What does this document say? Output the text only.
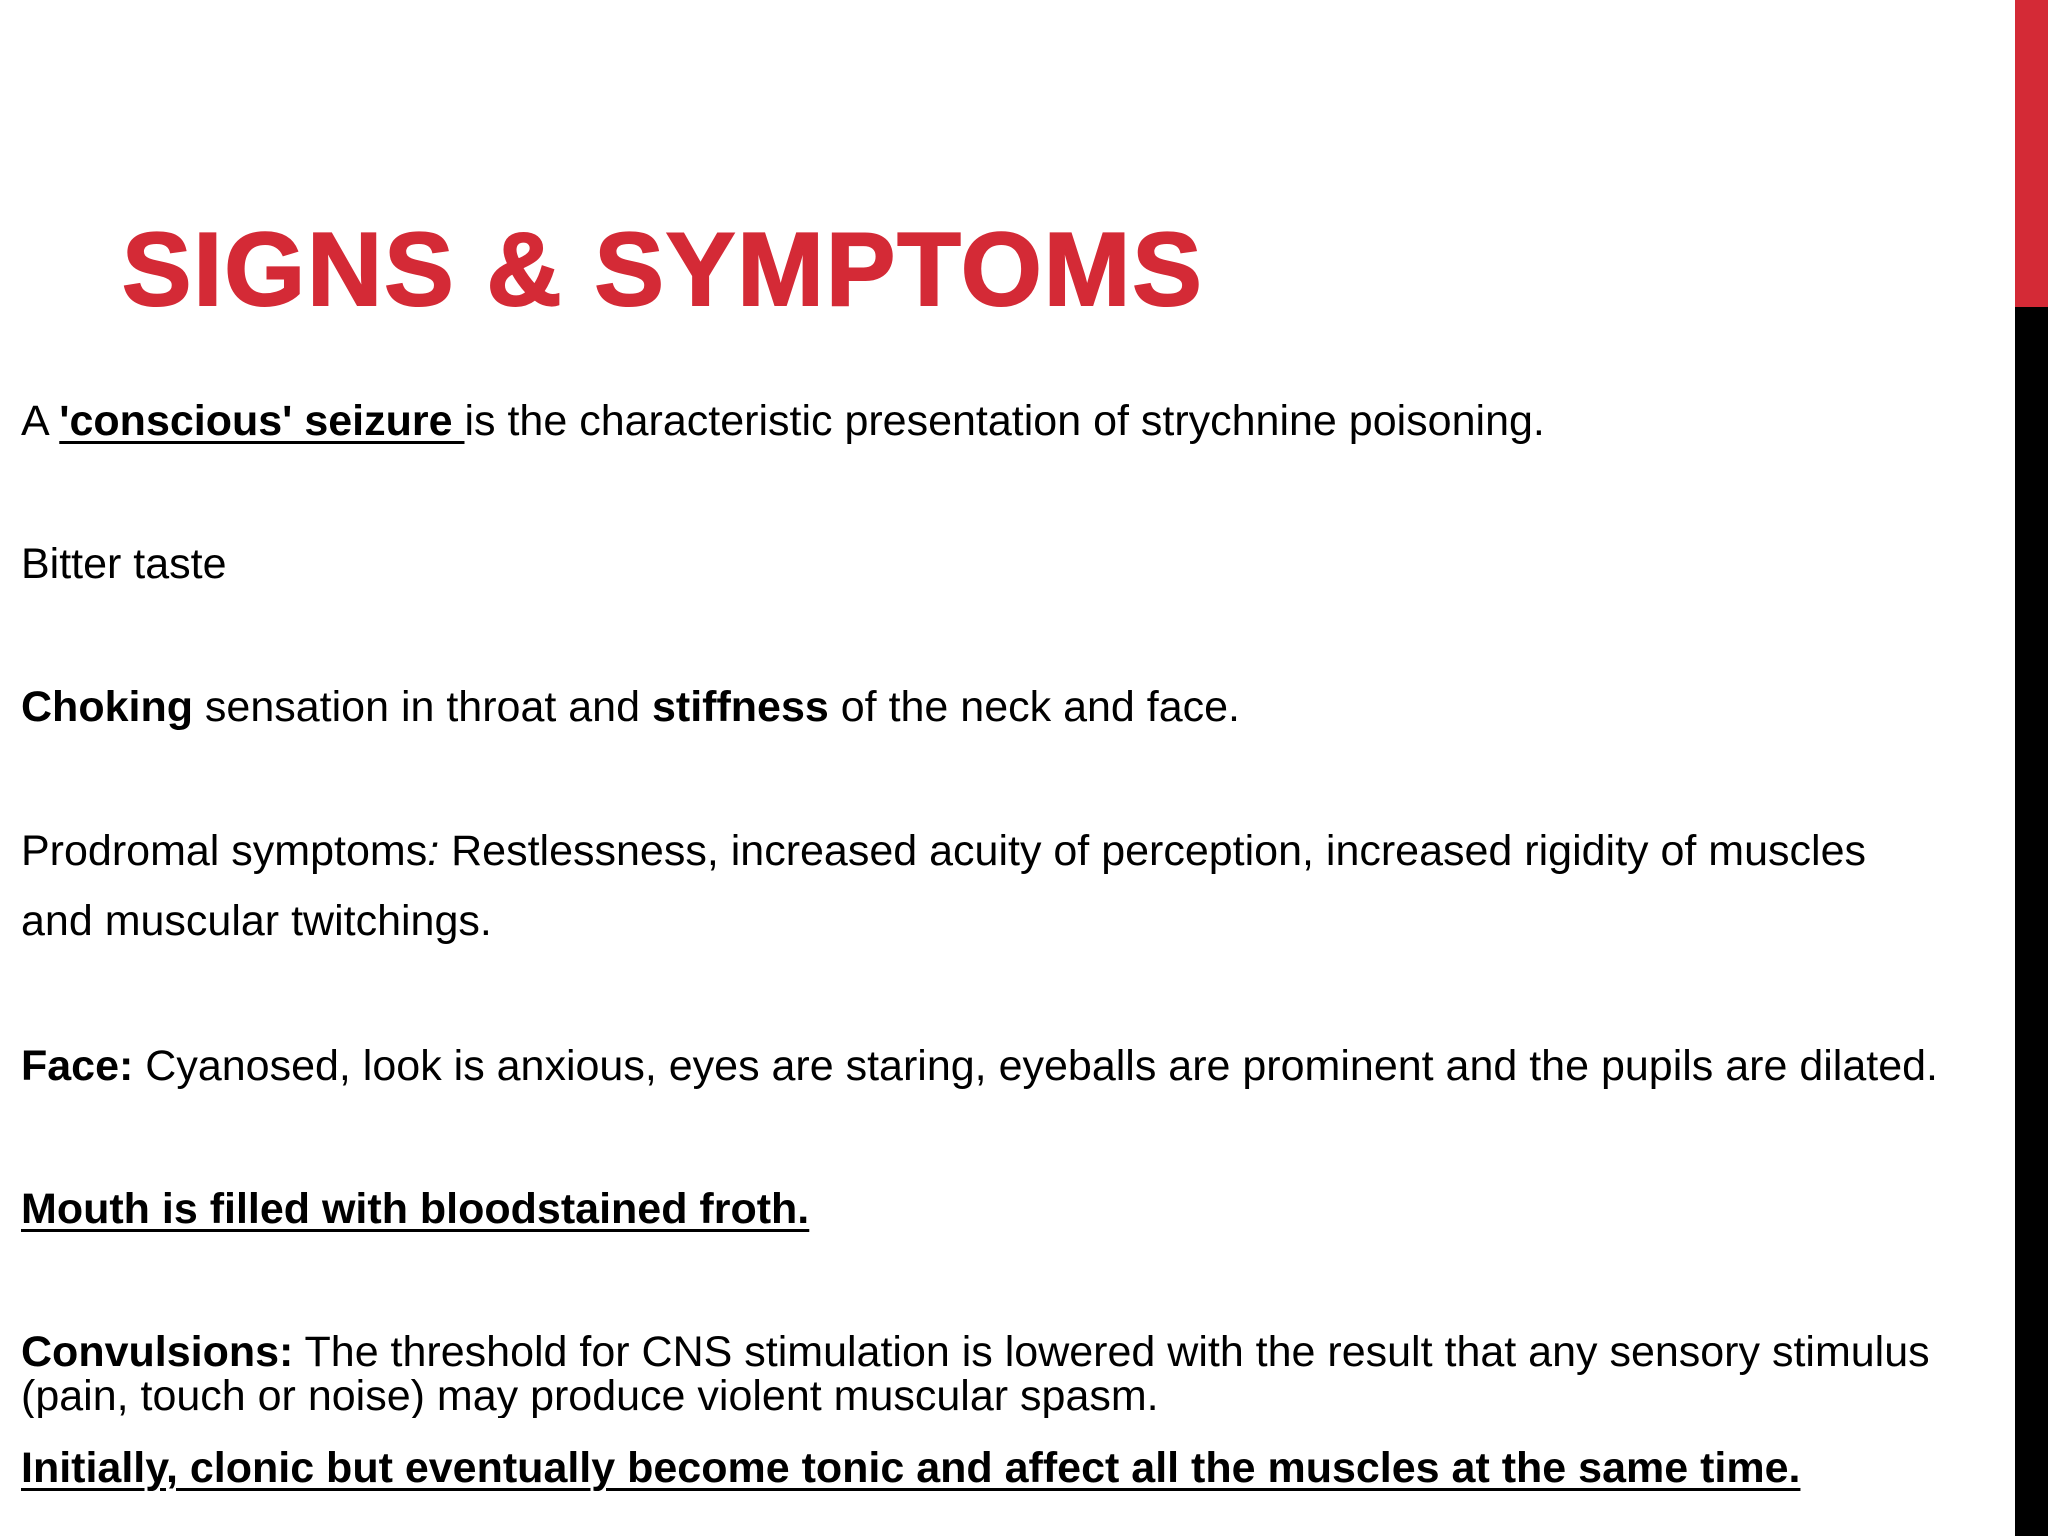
SIGNS & SYMPTOMS

A 'conscious' seizure is the characteristic presentation of strychnine poisoning.

Bitter taste

Choking sensation in throat and stiffness of the neck and face.

Prodromal symptoms: Restlessness, increased acuity of perception, increased rigidity of muscles
and muscular twitchings.

Face: Cyanosed, look is anxious, eyes are staring, eyeballs are prominent and the pupils are dilated.

Mouth is filled with bloodstained froth.

Convulsions: The threshold for CNS stimulation is lowered with the result that any sensory stimulus
(pain, touch or noise) may produce violent muscular spasm.

Initially, clonic but eventually become tonic and affect all the muscles at the same time.
